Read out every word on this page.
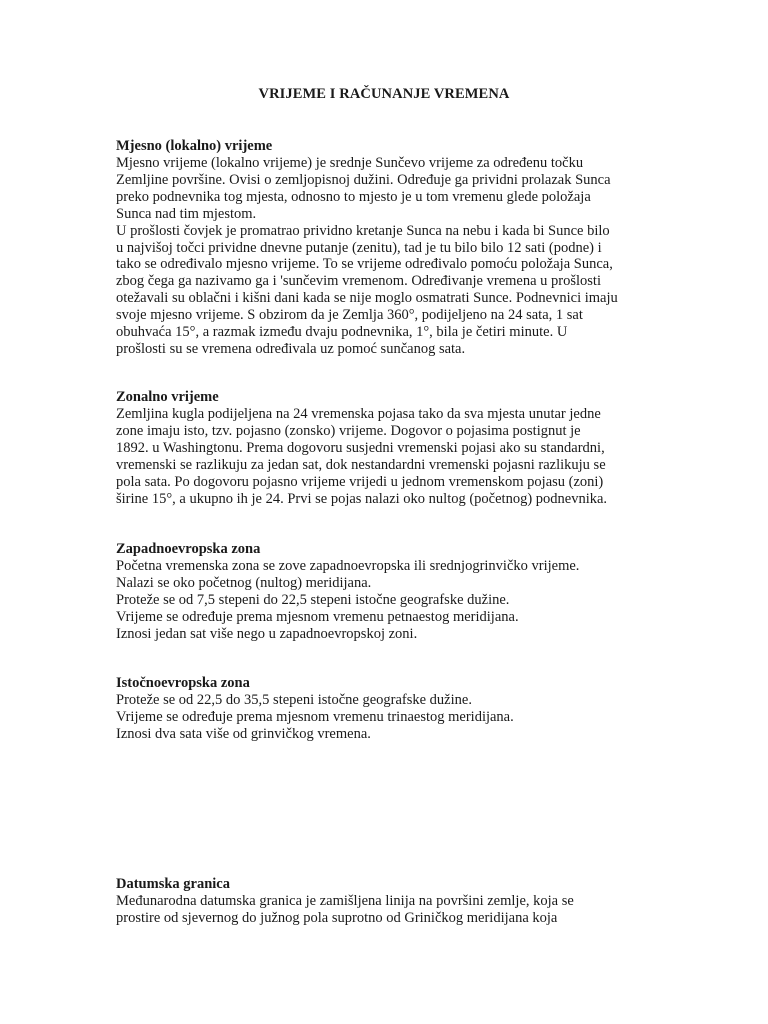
VRIJEME I RAČUNANJE VREMENA

Mjesno (lokalno) vrijeme

Mjesno vrijeme (lokalno vrijeme) je srednje Sunčevo vrijeme za određenu točku

Zemljine površine. Ovisi o zemljopisnoj dužini. Određuje ga prividni prolazak Sunca

preko podnevnika tog mjesta, odnosno to mjesto je u tom vremenu glede položaja

Sunca nad tim mjestom.

U prošlosti čovjek je promatrao prividno kretanje Sunca na nebu i kada bi Sunce bilo

u najvišoj točci prividne dnevne putanje (zenitu), tad je tu bilo bilo 12 sati (podne) i

tako se određivalo mjesno vrijeme. To se vrijeme određivalo pomoću položaja Sunca,

zbog čega ga nazivamo ga i 'sunčevim vremenom. Određivanje vremena u prošlosti

otežavali su oblačni i kišni dani kada se nije moglo osmatrati Sunce. Podnevnici imaju

svoje mjesno vrijeme. S obzirom da je Zemlja 360°, podijeljeno na 24 sata, 1 sat

obuhvaća 15°, a razmak između dvaju podnevnika, 1°, bila je četiri minute. U

prošlosti su se vremena određivala uz pomoć sunčanog sata.

Zonalno vrijeme

Zemljina kugla podijeljena na 24 vremenska pojasa tako da sva mjesta unutar jedne

zone imaju isto, tzv. pojasno (zonsko) vrijeme. Dogovor o pojasima postignut je

1892. u Washingtonu. Prema dogovoru susjedni vremenski pojasi ako su standardni,

vremenski se razlikuju za jedan sat, dok nestandardni vremenski pojasni razlikuju se

pola sata. Po dogovoru pojasno vrijeme vrijedi u jednom vremenskom pojasu (zoni)

širine 15°, a ukupno ih je 24. Prvi se pojas nalazi oko nultog (početnog) podnevnika.

Zapadnoevropska zona

Početna vremenska zona se zove zapadnoevropska ili srednjogrinvičko vrijeme.

Nalazi se oko početnog (nultog) meridijana.

Proteže se od 7,5 stepeni do 22,5 stepeni istočne geografske dužine.

Vrijeme se određuje prema mjesnom vremenu petnaestog meridijana.

Iznosi jedan sat više nego u zapadnoevropskoj zoni.

Istočnoevropska zona

Proteže se od 22,5 do 35,5 stepeni istočne geografske dužine.

Vrijeme se određuje prema mjesnom vremenu trinaestog meridijana.

Iznosi dva sata više od grinvičkog vremena.

Datumska granica

Međunarodna datumska granica je zamišljena linija na površini zemlje, koja se

prostire od sjevernog do južnog pola suprotno od Griničkog meridijana koja
